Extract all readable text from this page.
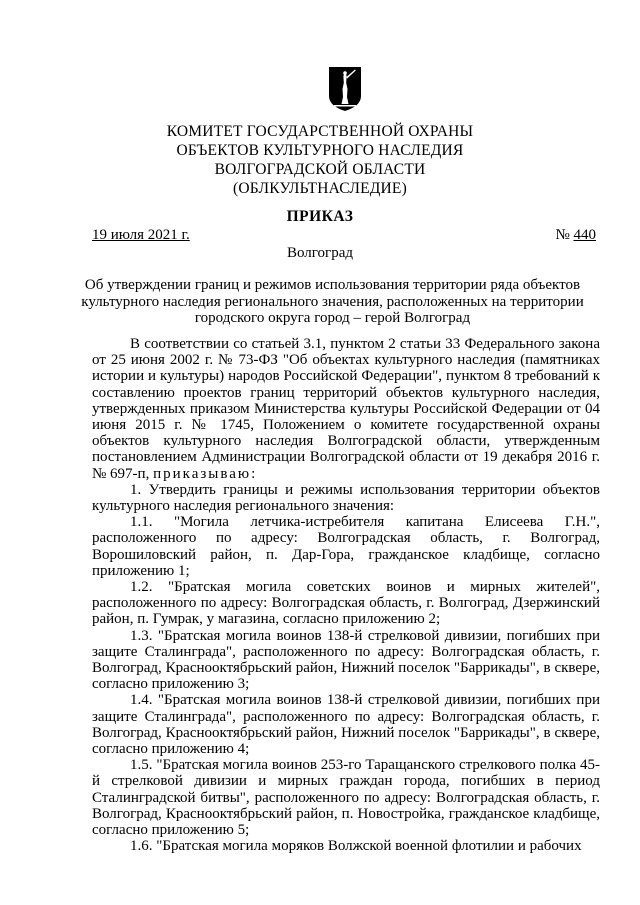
КОМИТЕТ ГОСУДАРСТВЕННОЙ ОХРАНЫ
ОБЪЕКТОВ КУЛЬТУРНОГО НАСЛЕДИЯ
ВОЛГОГРАДСКОЙ ОБЛАСТИ
(ОБЛКУЛЬТНАСЛЕДИЕ)
ПРИКАЗ
19 июля 2021 г.	№ 440
Волгоград
Об утверждении границ и режимов использования территории ряда объектов
культурного наследия регионального значения, расположенных на территории
городского округа город – герой Волгоград

В соответствии со статьей 3.1, пунктом 2 статьи 33 Федерального закона от 25 июня 2002 г. № 73-ФЗ "Об объектах культурного наследия (памятниках истории и культуры) народов Российской Федерации", пунктом 8 требований к составлению проектов границ территорий объектов культурного наследия, утвержденных приказом Министерства культуры Российской Федерации от 04 июня 2015 г. № 1745, Положением о комитете государственной охраны объектов культурного наследия Волгоградской области, утвержденным постановлением Администрации Волгоградской области от 19 декабря 2016 г. № 697-п, приказываю:

1. Утвердить границы и режимы использования территории объектов культурного наследия регионального значения:

1.1. "Могила летчика-истребителя капитана Елисеева Г.Н.", расположенного по адресу: Волгоградская область, г. Волгоград, Ворошиловский район, п. Дар-Гора, гражданское кладбище, согласно приложению 1;

1.2. "Братская могила советских воинов и мирных жителей", расположенного по адресу: Волгоградская область, г. Волгоград, Дзержинский район, п. Гумрак, у магазина, согласно приложению 2;

1.3. "Братская могила воинов 138-й стрелковой дивизии, погибших при защите Сталинграда", расположенного по адресу: Волгоградская область, г. Волгоград, Краснооктябрьский район, Нижний поселок "Баррикады", в сквере, согласно приложению 3;

1.4. "Братская могила воинов 138-й стрелковой дивизии, погибших при защите Сталинграда", расположенного по адресу: Волгоградская область, г. Волгоград, Краснооктябрьский район, Нижний поселок "Баррикады", в сквере, согласно приложению 4;

1.5. "Братская могила воинов 253-го Таращанского стрелкового полка 45-й стрелковой дивизии и мирных граждан города, погибших в период Сталинградской битвы", расположенного по адресу: Волгоградская область, г. Волгоград, Краснооктябрьский район, п. Новостройка, гражданское кладбище, согласно приложению 5;

1.6. "Братская могила моряков Волжской военной флотилии и рабочих
